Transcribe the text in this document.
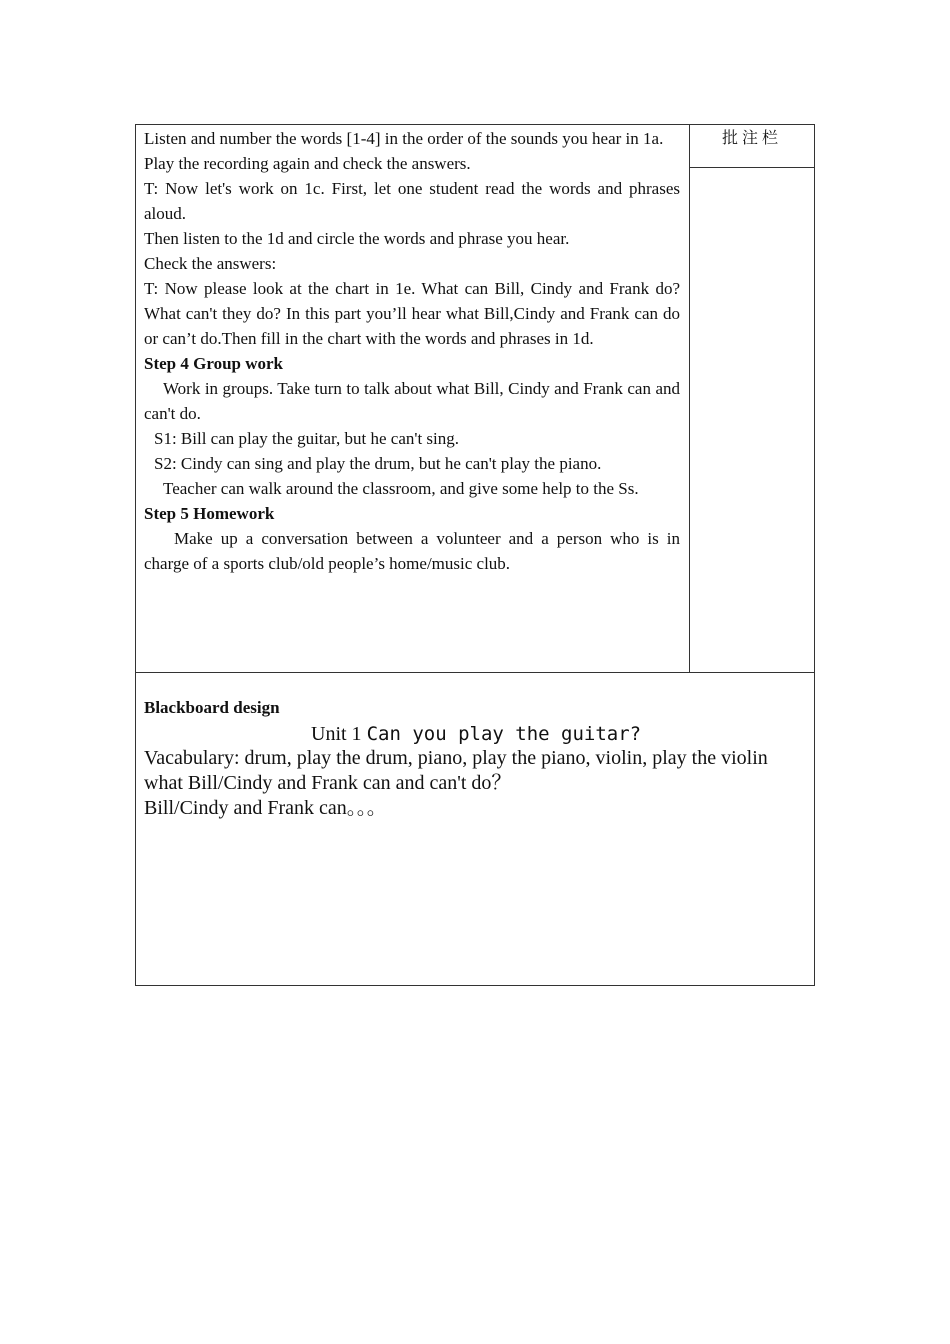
Listen and number the words [1-4] in the order of the sounds you hear in 1a.

Play the recording again and check the answers.

T: Now let's work on 1c. First, let one student read the words and phrases aloud.

Then listen to the 1d and circle the words and phrase you hear.

Check the answers:

T: Now please look at the chart in 1e. What can Bill, Cindy and Frank do? What can't they do? In this part you’ll hear what Bill,Cindy and Frank can do or can’t do.Then fill in the chart with the words and phrases in 1d.

Step 4 Group work

Work in groups. Take turn to talk about what Bill, Cindy and Frank can and can't do.

S1: Bill can play the guitar, but he can't sing.

S2: Cindy can sing and play the drum, but he can't play the piano.

Teacher can walk around the classroom, and give some help to the Ss.

Step 5 Homework

Make up a conversation between a volunteer and a person who is in charge of a sports club/old people’s home/music club.

批注栏

Blackboard design

Unit 1 Can you play the guitar?

Vacabulary: drum, play the drum, piano, play the piano, violin, play the violin

what Bill/Cindy and Frank can and can't do？

Bill/Cindy and Frank can。。。
